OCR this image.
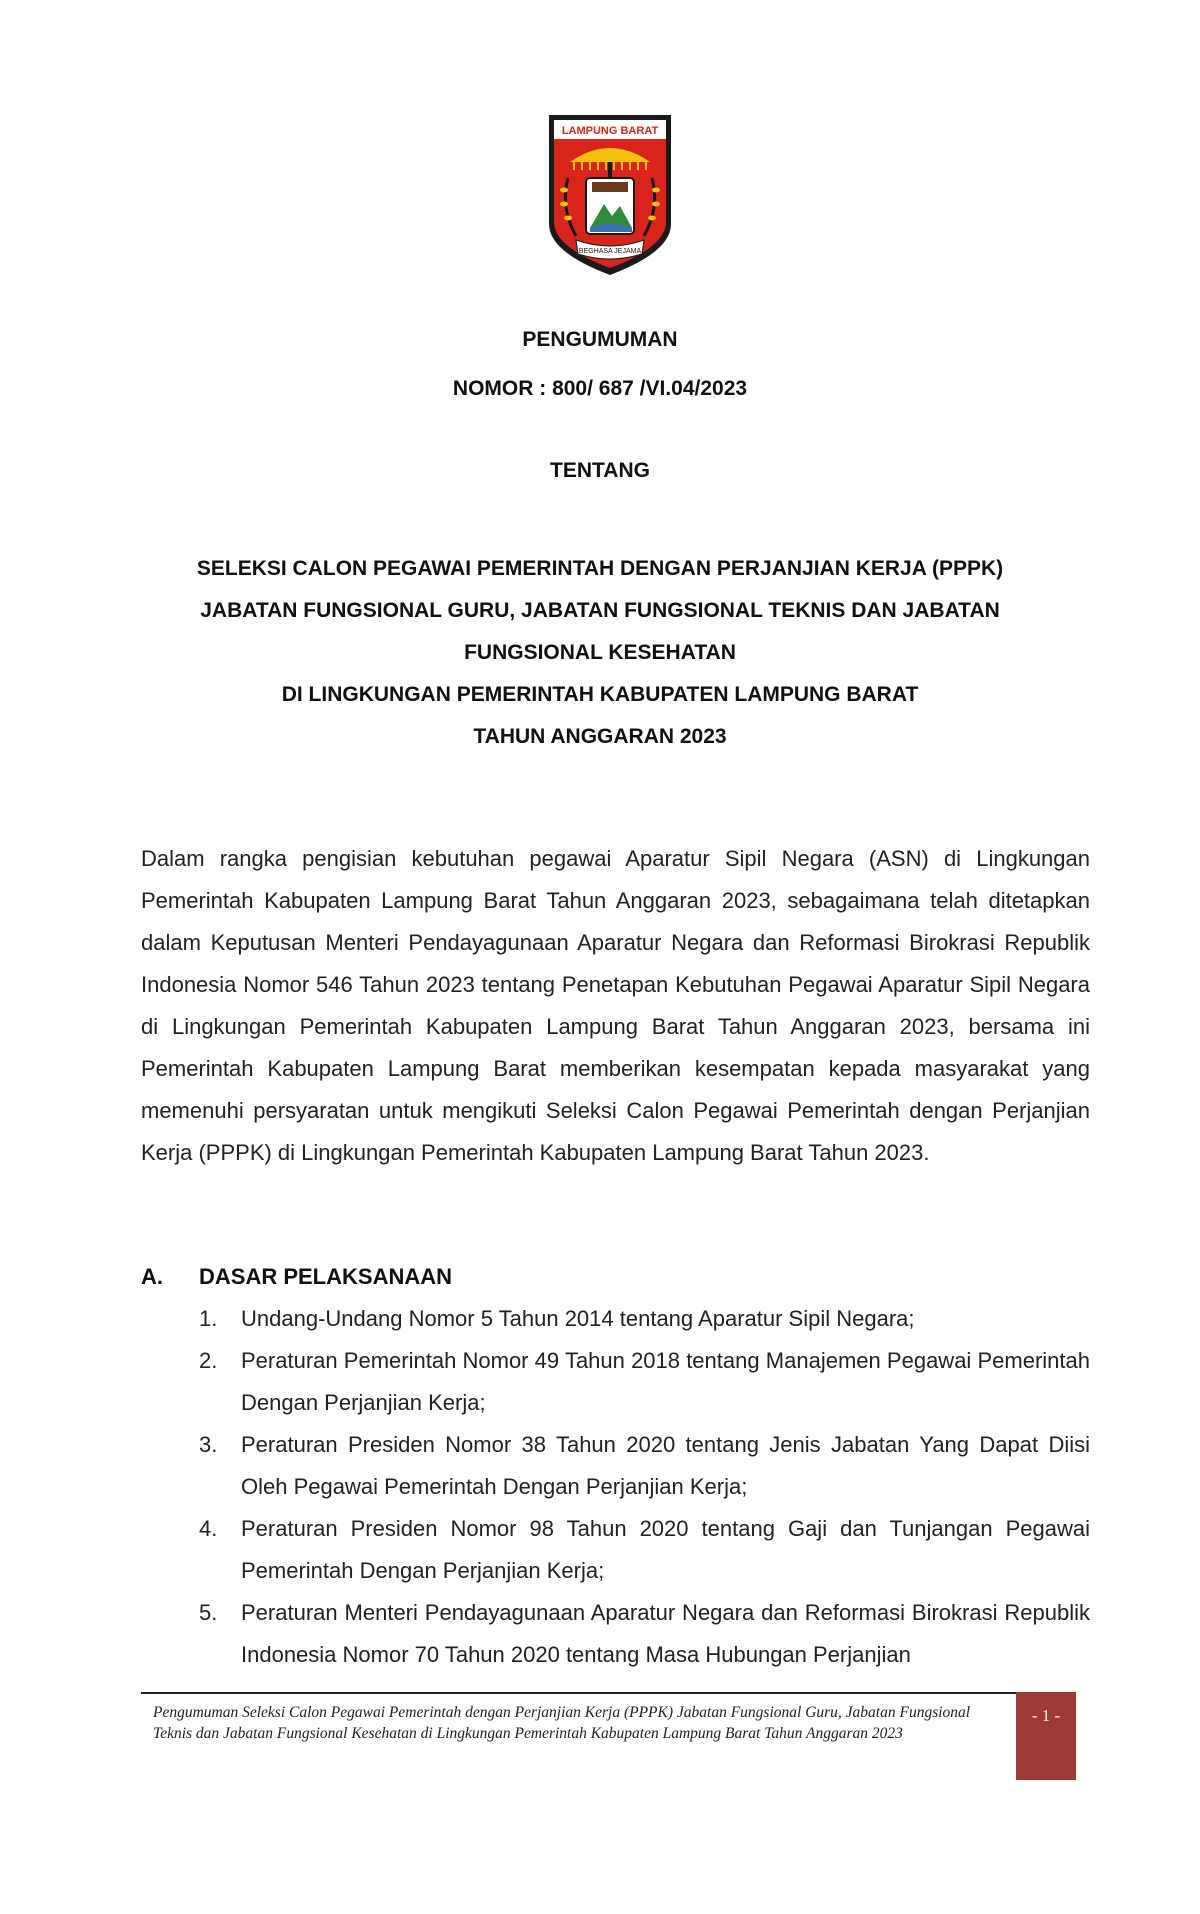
LAMPUNG BARAT
BEGHASA JEJAMA
PENGUMUMAN
NOMOR : 800/ 687 /VI.04/2023
TENTANG
SELEKSI CALON PEGAWAI PEMERINTAH DENGAN PERJANJIAN KERJA (PPPK)
JABATAN FUNGSIONAL GURU, JABATAN FUNGSIONAL TEKNIS DAN JABATAN
FUNGSIONAL KESEHATAN
DI LINGKUNGAN PEMERINTAH KABUPATEN LAMPUNG BARAT
TAHUN ANGGARAN 2023

Dalam rangka pengisian kebutuhan pegawai Aparatur Sipil Negara (ASN) di Lingkungan Pemerintah Kabupaten Lampung Barat Tahun Anggaran 2023, sebagaimana telah ditetapkan dalam Keputusan Menteri Pendayagunaan Aparatur Negara dan Reformasi Birokrasi Republik Indonesia Nomor 546 Tahun 2023 tentang Penetapan Kebutuhan Pegawai Aparatur Sipil Negara di Lingkungan Pemerintah Kabupaten Lampung Barat Tahun Anggaran 2023, bersama ini Pemerintah Kabupaten Lampung Barat memberikan kesempatan kepada masyarakat yang memenuhi persyaratan untuk mengikuti Seleksi Calon Pegawai Pemerintah dengan Perjanjian Kerja (PPPK) di Lingkungan Pemerintah Kabupaten Lampung Barat Tahun 2023.

A. DASAR PELAKSANAAN
1. Undang-Undang Nomor 5 Tahun 2014 tentang Aparatur Sipil Negara;
2. Peraturan Pemerintah Nomor 49 Tahun 2018 tentang Manajemen Pegawai Pemerintah Dengan Perjanjian Kerja;
3. Peraturan Presiden Nomor 38 Tahun 2020 tentang Jenis Jabatan Yang Dapat Diisi Oleh Pegawai Pemerintah Dengan Perjanjian Kerja;
4. Peraturan Presiden Nomor 98 Tahun 2020 tentang Gaji dan Tunjangan Pegawai Pemerintah Dengan Perjanjian Kerja;
5. Peraturan Menteri Pendayagunaan Aparatur Negara dan Reformasi Birokrasi Republik Indonesia Nomor 70 Tahun 2020 tentang Masa Hubungan Perjanjian

Pengumuman Seleksi Calon Pegawai Pemerintah dengan Perjanjian Kerja (PPPK) Jabatan Fungsional Guru, Jabatan Fungsional Teknis dan Jabatan Fungsional Kesehatan di Lingkungan Pemerintah Kabupaten Lampung Barat Tahun Anggaran 2023

- 1 -
